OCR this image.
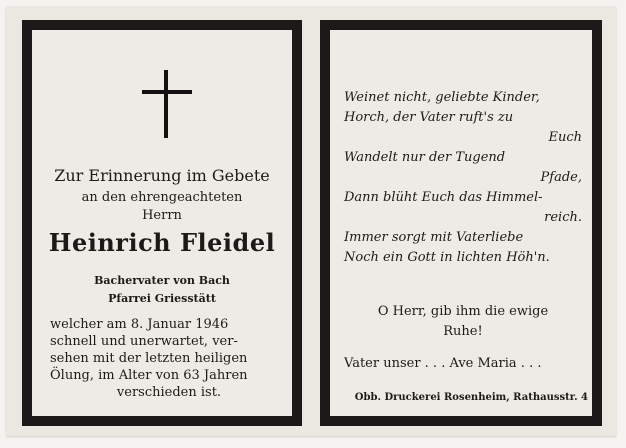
Zur Erinnerung im Gebete
an den ehrengeachteten
Herrn
Heinrich Fleidel
Bachervater von Bach
Pfarrei Griesstätt
welcher am 8. Januar 1946
schnell und unerwartet, ver-
sehen mit der letzten heiligen
Ölung, im Alter von 63 Jahren
verschieden ist.
Weinet nicht, geliebte Kinder,
Horch, der Vater ruft's zu
Euch
Wandelt nur der Tugend
Pfade,
Dann blüht Euch das Himmel-
reich.
Immer sorgt mit Vaterliebe
Noch ein Gott in lichten Höh'n.
O Herr, gib ihm die ewige
Ruhe!
Vater unser . . . Ave Maria . . .
Obb. Druckerei Rosenheim, Rathausstr. 4
